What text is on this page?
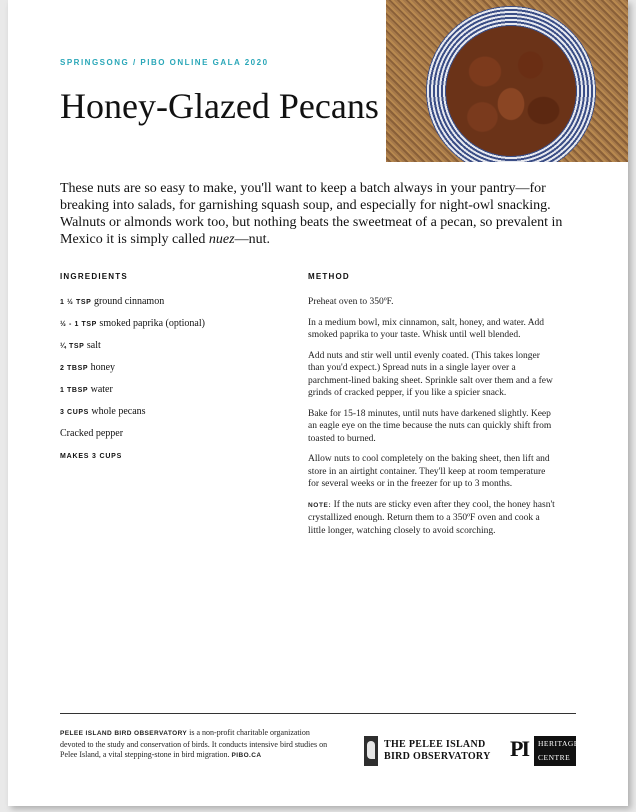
SPRINGSONG / PIBO ONLINE GALA 2020
Honey-Glazed Pecans

These nuts are so easy to make, you'll want to keep a batch always in your pantry—for breaking into salads, for garnishing squash soup, and especially for night-owl snacking. Walnuts or almonds work too, but nothing beats the sweetmeat of a pecan, so prevalent in Mexico it is simply called nuez—nut.

INGREDIENTS	METHOD
1 ½ TSP ground cinnamon
½ - 1 TSP smoked paprika (optional)
¼ TSP salt
2 TBSP honey
1 TBSP water
3 CUPS whole pecans
Cracked pepper
MAKES 3 CUPS

Preheat oven to 350ºF.

In a medium bowl, mix cinnamon, salt, honey, and water. Add smoked paprika to your taste. Whisk until well blended.

Add nuts and stir well until evenly coated. (This takes longer than you'd expect.) Spread nuts in a single layer over a parchment-lined baking sheet. Sprinkle salt over them and a few grinds of cracked pepper, if you like a spicier snack.

Bake for 15-18 minutes, until nuts have darkened slightly. Keep an eagle eye on the time because the nuts can quickly shift from toasted to burned.

Allow nuts to cool completely on the baking sheet, then lift and store in an airtight container. They'll keep at room temperature for several weeks or in the freezer for up to 3 months.

NOTE: If the nuts are sticky even after they cool, the honey hasn't crystallized enough. Return them to a 350ºF oven and cook a little longer, watching closely to avoid scorching.

PELEE ISLAND BIRD OBSERVATORY is a non-profit charitable organization devoted to the study and conservation of birds. It conducts intensive bird studies on Pelee Island, a vital stepping-stone in bird migration. PIBO.CA

THE PELEE ISLAND
BIRD OBSERVATORY PI	HERITAGE
CENTRE
